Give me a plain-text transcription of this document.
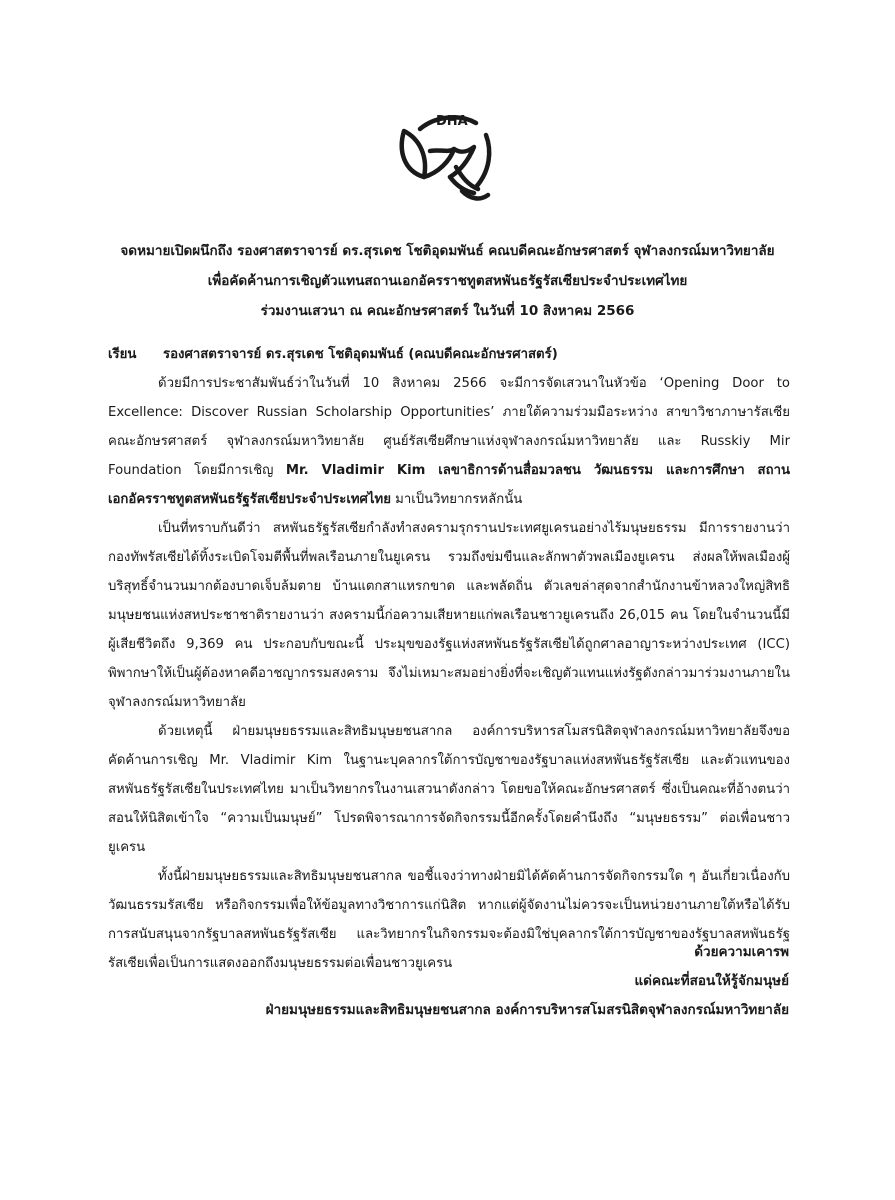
DHA
จดหมายเปิดผนึกถึง รองศาสตราจารย์ ดร.สุรเดช โชติอุดมพันธ์ คณบดีคณะอักษรศาสตร์ จุฬาลงกรณ์มหาวิทยาลัย
เพื่อคัดค้านการเชิญตัวแทนสถานเอกอัครราชทูตสหพันธรัฐรัสเซียประจำประเทศไทย
ร่วมงานเสวนา ณ คณะอักษรศาสตร์ ในวันที่ 10 สิงหาคม 2566
เรียน	รองศาสตราจารย์ ดร.สุรเดช โชติอุดมพันธ์ (คณบดีคณะอักษรศาสตร์)

ด้วยมีการประชาสัมพันธ์ว่าในวันที่ 10 สิงหาคม 2566 จะมีการจัดเสวนาในหัวข้อ ‘Opening Door to Excellence: Discover Russian Scholarship Opportunities’ ภายใต้ความร่วมมือระหว่าง สาขาวิชาภาษารัสเซีย คณะอักษรศาสตร์ จุฬาลงกรณ์มหาวิทยาลัย ศูนย์รัสเซียศึกษาแห่งจุฬาลงกรณ์มหาวิทยาลัย และ Russkiy Mir Foundation โดยมีการเชิญ Mr. Vladimir Kim เลขาธิการด้านสื่อมวลชน วัฒนธรรม และการศึกษา สถานเอกอัครราชทูตสหพันธรัฐรัสเซียประจำประเทศไทย มาเป็นวิทยากรหลักนั้น

เป็นที่ทราบกันดีว่า สหพันธรัฐรัสเซียกำลังทำสงครามรุกรานประเทศยูเครนอย่างไร้มนุษยธรรม มีการรายงานว่ากองทัพรัสเซียได้ทิ้งระเบิดโจมตีพื้นที่พลเรือนภายในยูเครน รวมถึงข่มขืนและลักพาตัวพลเมืองยูเครน ส่งผลให้พลเมืองผู้บริสุทธิ์จำนวนมากต้องบาดเจ็บล้มตาย บ้านแตกสาแหรกขาด และพลัดถิ่น ตัวเลขล่าสุดจากสำนักงานข้าหลวงใหญ่สิทธิมนุษยชนแห่งสหประชาชาติรายงานว่า สงครามนี้ก่อความเสียหายแก่พลเรือนชาวยูเครนถึง 26,015 คน โดยในจำนวนนี้มีผู้เสียชีวิตถึง 9,369 คน ประกอบกับขณะนี้ ประมุขของรัฐแห่งสหพันธรัฐรัสเซียได้ถูกศาลอาญาระหว่างประเทศ (ICC) พิพากษาให้เป็นผู้ต้องหาคดีอาชญากรรมสงคราม จึงไม่เหมาะสมอย่างยิ่งที่จะเชิญตัวแทนแห่งรัฐดังกล่าวมาร่วมงานภายในจุฬาลงกรณ์มหาวิทยาลัย

ด้วยเหตุนี้ ฝ่ายมนุษยธรรมและสิทธิมนุษยชนสากล องค์การบริหารสโมสรนิสิตจุฬาลงกรณ์มหาวิทยาลัยจึงขอคัดค้านการเชิญ Mr. Vladimir Kim ในฐานะบุคลากรใต้การบัญชาของรัฐบาลแห่งสหพันธรัฐรัสเซีย และตัวแทนของสหพันธรัฐรัสเซียในประเทศไทย มาเป็นวิทยากรในงานเสวนาดังกล่าว โดยขอให้คณะอักษรศาสตร์ ซึ่งเป็นคณะที่อ้างตนว่าสอนให้นิสิตเข้าใจ “ความเป็นมนุษย์” โปรดพิจารณาการจัดกิจกรรมนี้อีกครั้งโดยคำนึงถึง “มนุษยธรรม” ต่อเพื่อนชาวยูเครน

ทั้งนี้ฝ่ายมนุษยธรรมและสิทธิมนุษยชนสากล ขอชี้แจงว่าทางฝ่ายมิได้คัดค้านการจัดกิจกรรมใด ๆ อันเกี่ยวเนื่องกับวัฒนธรรมรัสเซีย หรือกิจกรรมเพื่อให้ข้อมูลทางวิชาการแก่นิสิต หากแต่ผู้จัดงานไม่ควรจะเป็นหน่วยงานภายใต้หรือได้รับการสนับสนุนจากรัฐบาลสหพันธรัฐรัสเซีย และวิทยากรในกิจกรรมจะต้องมิใช่บุคลากรใต้การบัญชาของรัฐบาลสหพันธรัฐรัสเซียเพื่อเป็นการแสดงออกถึงมนุษยธรรมต่อเพื่อนชาวยูเครน

ด้วยความเคารพ
แด่คณะที่สอนให้รู้จักมนุษย์
ฝ่ายมนุษยธรรมและสิทธิมนุษยชนสากล องค์การบริหารสโมสรนิสิตจุฬาลงกรณ์มหาวิทยาลัย
